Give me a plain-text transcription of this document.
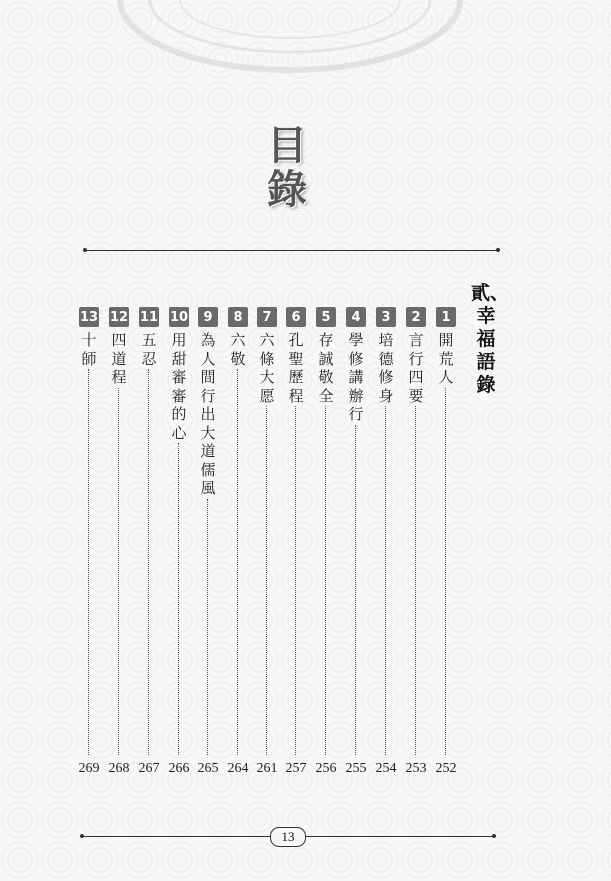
目
錄
貳、幸福語錄
1
開荒人
2
言行四要
3
培德修身
4
學修講辦行
5
存誠敬全
6
孔聖歷程
7
六條大愿
8
六敬
9
為人間行出大道儒風
10
用甜審審的心
11
五忍
12
四道程
13
十師
252
253
254
255
256
257
261
264
265
266
267
268
269
13
